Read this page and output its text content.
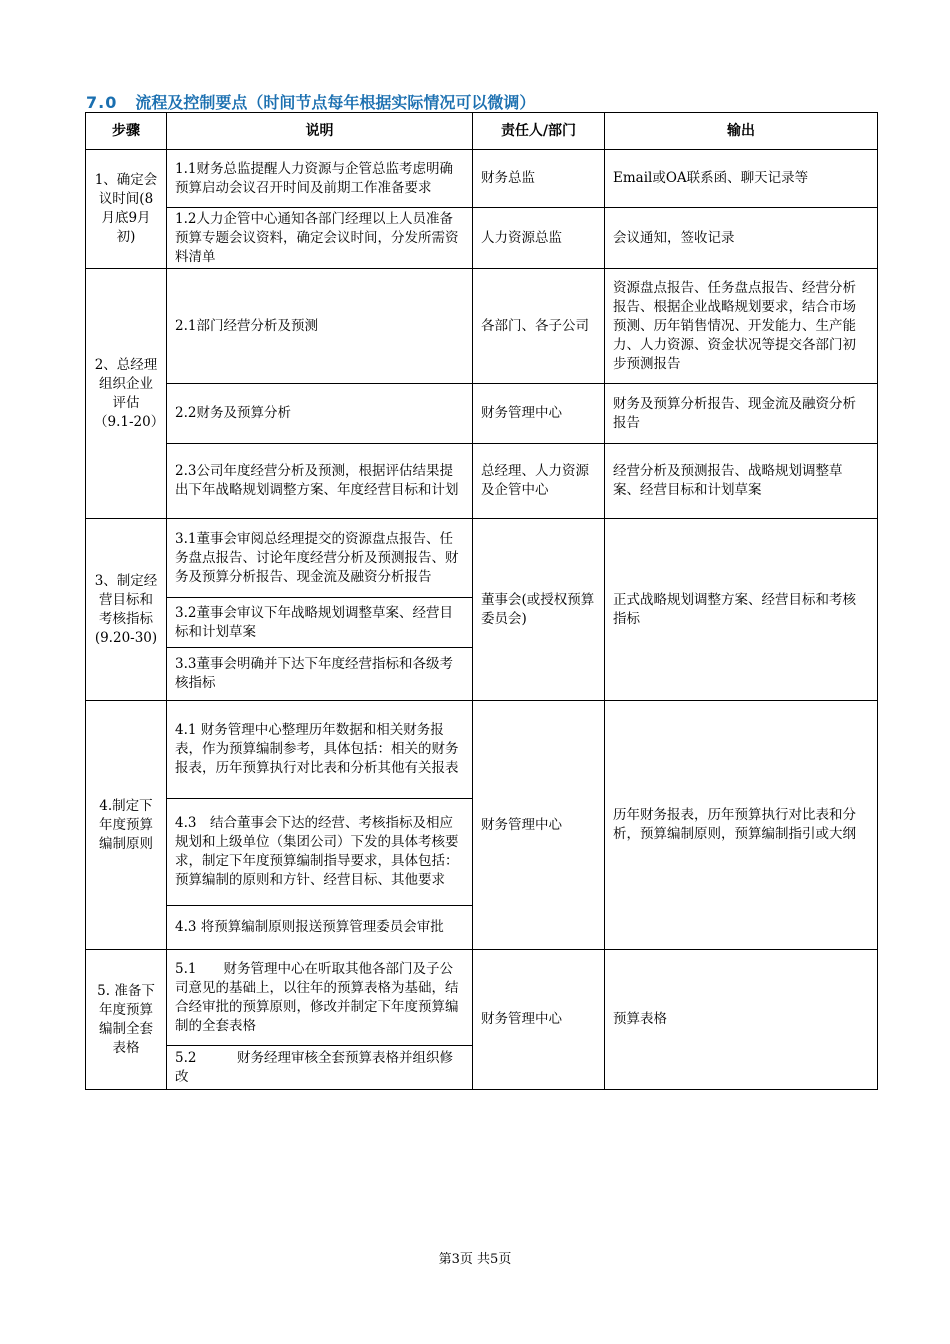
7.0 流程及控制要点（时间节点每年根据实际情况可以微调）
步骤	说明	责任人/部门	输出
1、确定会议时间(8月底9月初)	1.1财务总监提醒人力资源与企管总监考虑明确预算启动会议召开时间及前期工作准备要求	财务总监	Email或OA联系函、聊天记录等
	1.2人力企管中心通知各部门经理以上人员准备预算专题会议资料，确定会议时间，分发所需资料清单	人力资源总监	会议通知，签收记录
2、总经理组织企业评估 （9.1-20）	2.1部门经营分析及预测	各部门、各子公司	资源盘点报告、任务盘点报告、经营分析报告、根据企业战略规划要求，结合市场预测、历年销售情况、开发能力、生产能力、人力资源、资金状况等提交各部门初步预测报告
	2.2财务及预算分析	财务管理中心	财务及预算分析报告、现金流及融资分析报告
	2.3公司年度经营分析及预测，根据评估结果提出下年战略规划调整方案、年度经营目标和计划	总经理、人力资源及企管中心	经营分析及预测报告、战略规划调整草案、经营目标和计划草案
3、制定经营目标和考核指标 (9.20-30)	3.1董事会审阅总经理提交的资源盘点报告、任务盘点报告、讨论年度经营分析及预测报告、财务及预算分析报告、现金流及融资分析报告	董事会(或授权预算委员会)	正式战略规划调整方案、经营目标和考核指标
	3.2董事会审议下年战略规划调整草案、经营目标和计划草案		
	3.3董事会明确并下达下年度经营指标和各级考核指标		
4.制定下年度预算编制原则	4.1 财务管理中心整理历年数据和相关财务报表，作为预算编制参考，具体包括：相关的财务报表，历年预算执行对比表和分析其他有关报表	财务管理中心	历年财务报表，历年预算执行对比表和分析，预算编制原则，预算编制指引或大纲
	4.3　结合董事会下达的经营、考核指标及相应规划和上级单位（集团公司）下发的具体考核要求，制定下年度预算编制指导要求，具体包括：预算编制的原则和方针、经营目标、其他要求		
	4.3 将预算编制原则报送预算管理委员会审批		
5. 准备下年度预算编制全套表格	5.1　　财务管理中心在听取其他各部门及子公司意见的基础上，以往年的预算表格为基础，结合经审批的预算原则，修改并制定下年度预算编制的全套表格	财务管理中心	预算表格
	5.2　　　财务经理审核全套预算表格并组织修改		
第3页 共5页
